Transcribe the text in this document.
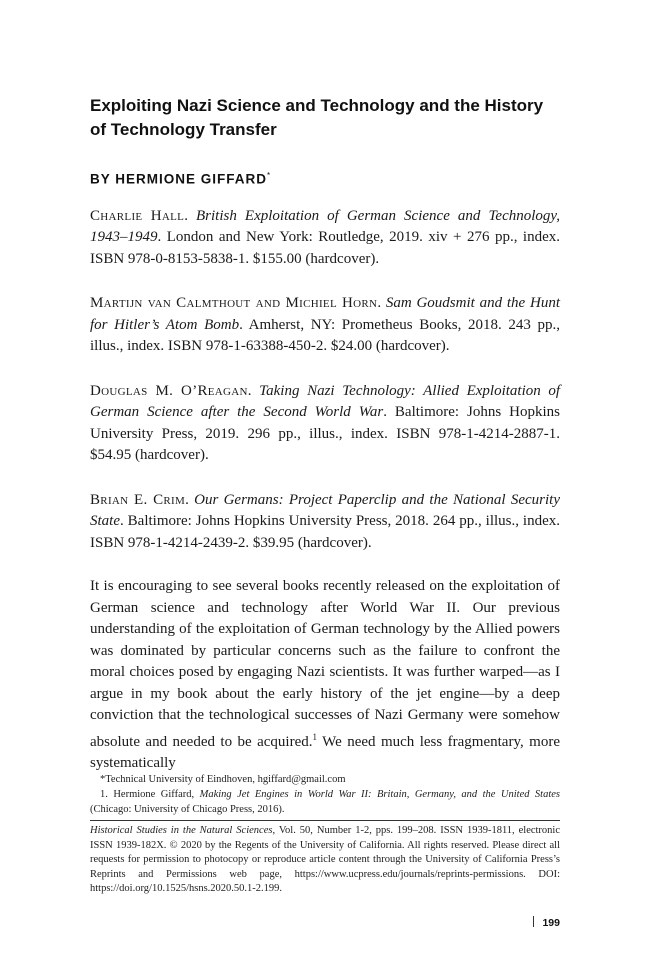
Exploiting Nazi Science and Technology and the History of Technology Transfer

BY HERMIONE GIFFARD*

Charlie Hall. British Exploitation of German Science and Technology, 1943–1949. London and New York: Routledge, 2019. xiv + 276 pp., index. ISBN 978-0-8153-5838-1. $155.00 (hardcover).

Martijn van Calmthout and Michiel Horn. Sam Goudsmit and the Hunt for Hitler’s Atom Bomb. Amherst, NY: Prometheus Books, 2018. 243 pp., illus., index. ISBN 978-1-63388-450-2. $24.00 (hardcover).

Douglas M. O’Reagan. Taking Nazi Technology: Allied Exploitation of German Science after the Second World War. Baltimore: Johns Hopkins University Press, 2019. 296 pp., illus., index. ISBN 978-1-4214-2887-1. $54.95 (hardcover).

Brian E. Crim. Our Germans: Project Paperclip and the National Security State. Baltimore: Johns Hopkins University Press, 2018. 264 pp., illus., index. ISBN 978-1-4214-2439-2. $39.95 (hardcover).

It is encouraging to see several books recently released on the exploitation of German science and technology after World War II. Our previous understanding of the exploitation of German technology by the Allied powers was dominated by particular concerns such as the failure to confront the moral choices posed by engaging Nazi scientists. It was further warped—as I argue in my book about the early history of the jet engine—by a deep conviction that the technological successes of Nazi Germany were somehow absolute and needed to be acquired.$^1$ We need much less fragmentary, more systematically

*Technical University of Eindhoven, hgiffard@gmail.com

1. Hermione Giffard, Making Jet Engines in World War II: Britain, Germany, and the United States (Chicago: University of Chicago Press, 2016).

Historical Studies in the Natural Sciences, Vol. 50, Number 1-2, pps. 199–208. ISSN 1939-1811, electronic ISSN 1939-182X. © 2020 by the Regents of the University of California. All rights reserved. Please direct all requests for permission to photocopy or reproduce article content through the University of California Press’s Reprints and Permissions web page, https://www.ucpress.edu/journals/reprints-permissions. DOI: https://doi.org/10.1525/hsns.2020.50.1-2.199.

199
